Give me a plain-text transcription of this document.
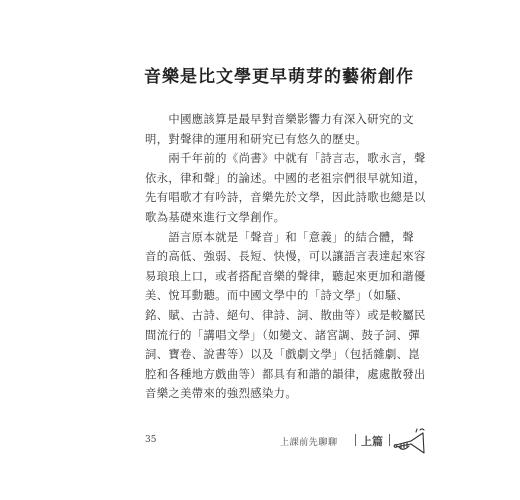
音樂是比文學更早萌芽的藝術創作

　　中國應該算是最早對音樂影響力有深入研究的文
明，對聲律的運用和研究已有悠久的歷史。

　　兩千年前的《尚書》中就有「詩言志，歌永言，聲
依永，律和聲」的論述。中國的老祖宗們很早就知道，
先有唱歌才有吟詩，音樂先於文學，因此詩歌也總是以
歌為基礎來進行文學創作。

　　語言原本就是「聲音」和「意義」的結合體，聲
音的高低、強弱、長短、快慢，可以讓語言表達起來容
易琅琅上口，或者搭配音樂的聲律，聽起來更加和諧優
美、悅耳動聽。而中國文學中的「詩文學」（如騷、
銘、賦、古詩、絕句、律詩、詞、散曲等）或是較屬民
間流行的「講唱文學」（如變文、諸宮調、鼓子詞、彈
詞、寶卷、說書等）以及「戲劇文學」（包括雜劇、崑
腔和各種地方戲曲等）都具有和諧的韻律，處處散發出
音樂之美帶來的強烈感染力。

35	上課前先聊聊 上篇
